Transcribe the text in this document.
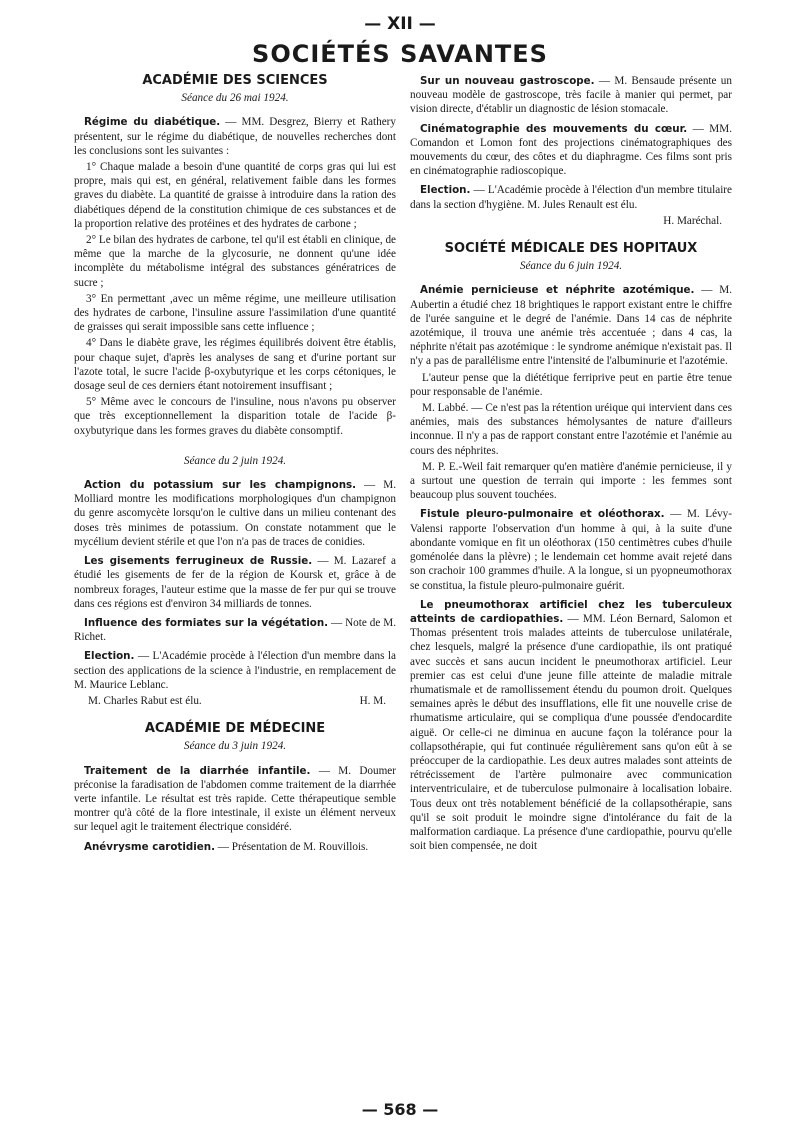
— XII —
SOCIÉTÉS SAVANTES
ACADÉMIE DES SCIENCES
Séance du 26 mai 1924.

Régime du diabétique. — MM. Desgrez, Bierry et Rathery présentent, sur le régime du diabétique, de nouvelles recherches dont les conclusions sont les suivantes :

1° Chaque malade a besoin d'une quantité de corps gras qui lui est propre, mais qui est, en général, relativement faible dans les formes graves du diabète. La quantité de graisse à introduire dans la ration des diabétiques dépend de la constitution chimique de ces substances et de la proportion relative des protéines et des hydrates de carbone ;

2° Le bilan des hydrates de carbone, tel qu'il est établi en clinique, de même que la marche de la glycosurie, ne donnent qu'une idée incomplète du métabolisme intégral des substances génératrices de sucre ;

3° En permettant ,avec un même régime, une meilleure utilisation des hydrates de carbone, l'insuline assure l'assimilation d'une quantité de graisses qui serait impossible sans cette influence ;

4° Dans le diabète grave, les régimes équilibrés doivent être établis, pour chaque sujet, d'après les analyses de sang et d'urine portant sur l'azote total, le sucre l'acide β-oxybutyrique et les corps cétoniques, le dosage seul de ces derniers étant notoirement insuffisant ;

5° Même avec le concours de l'insuline, nous n'avons pu observer que très exceptionnellement la disparition totale de l'acide β-oxybutyrique dans les formes graves du diabète consomptif.

Séance du 2 juin 1924.

Action du potassium sur les champignons. — M. Molliard montre les modifications morphologiques d'un champignon du genre ascomycète lorsqu'on le cultive dans un milieu contenant des doses très minimes de potassium. On constate notamment que le mycélium devient stérile et que l'on n'a pas de traces de conidies.

Les gisements ferrugineux de Russie. — M. Lazaref a étudié les gisements de fer de la région de Koursk et, grâce à de nombreux forages, l'auteur estime que la masse de fer pur qui se trouve dans ces régions est d'environ 34 milliards de tonnes.

Influence des formiates sur la végétation. — Note de M. Richet.

Election. — L'Académie procède à l'élection d'un membre dans la section des applications de la science à l'industrie, en remplacement de M. Maurice Leblanc.

M. Charles Rabut est élu.	H. M.
ACADÉMIE DE MÉDECINE
Séance du 3 juin 1924.

Traitement de la diarrhée infantile. — M. Doumer préconise la faradisation de l'abdomen comme traitement de la diarrhée verte infantile. Le résultat est très rapide. Cette thérapeutique semble montrer qu'à côté de la flore intestinale, il existe un élément nerveux sur lequel agit le traitement électrique considéré.

Anévrysme carotidien. — Présentation de M. Rouvillois.

Sur un nouveau gastroscope. — M. Bensaude présente un nouveau modèle de gastroscope, très facile à manier qui permet, par vision directe, d'établir un diagnostic de lésion stomacale.

Cinématographie des mouvements du cœur. — MM. Comandon et Lomon font des projections cinématographiques des mouvements du cœur, des côtes et du diaphragme. Ces films sont pris en cinématographie radioscopique.

Election. — L'Académie procède à l'élection d'un membre titulaire dans la section d'hygiène. M. Jules Renault est élu.

H. Maréchal.
SOCIÉTÉ MÉDICALE DES HOPITAUX
Séance du 6 juin 1924.

Anémie pernicieuse et néphrite azotémique. — M. Aubertin a étudié chez 18 brightiques le rapport existant entre le chiffre de l'urée sanguine et le degré de l'anémie. Dans 14 cas de néphrite azotémique, il trouva une anémie très accentuée ; dans 4 cas, la néphrite n'était pas azotémique : le syndrome anémique n'existait pas. Il n'y a pas de parallélisme entre l'intensité de l'albuminurie et l'azotémie.

L'auteur pense que la diététique ferriprive peut en partie être tenue pour responsable de l'anémie.

M. Labbé. — Ce n'est pas la rétention uréique qui intervient dans ces anémies, mais des substances hémolysantes de nature d'ailleurs inconnue. Il n'y a pas de rapport constant entre l'azotémie et l'anémie au cours des néphrites.

M. P. E.-Weil fait remarquer qu'en matière d'anémie pernicieuse, il y a surtout une question de terrain qui importe : les femmes sont beaucoup plus souvent touchées.

Fistule pleuro-pulmonaire et oléothorax. — M. Lévy-Valensi rapporte l'observation d'un homme à qui, à la suite d'une abondante vomique en fit un oléothorax (150 centimètres cubes d'huile goménolée dans la plèvre) ; le lendemain cet homme avait rejeté dans son crachoir 100 grammes d'huile. A la longue, si un pyopneumothorax se constitua, la fistule pleuro-pulmonaire guérit.

Le pneumothorax artificiel chez les tuberculeux atteints de cardiopathies. — MM. Léon Bernard, Salomon et Thomas présentent trois malades atteints de tuberculose unilatérale, chez lesquels, malgré la présence d'une cardiopathie, ils ont pratiqué avec succès et sans aucun incident le pneumothorax artificiel. Leur premier cas est celui d'une jeune fille atteinte de maladie mitrale rhumatismale et de ramollissement étendu du poumon droit. Quelques semaines après le début des insufflations, elle fit une nouvelle crise de rhumatisme articulaire, qui se compliqua d'une poussée d'endocardite aiguë. Or celle-ci ne diminua en aucune façon la tolérance pour la collapsothérapie, qui fut continuée régulièrement sans qu'on eût à se préoccuper de la cardiopathie. Les deux autres malades sont atteints de rétrécissement de l'artère pulmonaire avec communication interventriculaire, et de tuberculose pulmonaire à localisation lobaire. Tous deux ont très notablement bénéficié de la collapsothérapie, sans qu'il se soit produit le moindre signe d'intolérance du fait de la malformation cardiaque. La présence d'une cardiopathie, pourvu qu'elle soit bien compensée, ne doit

— 568 —
